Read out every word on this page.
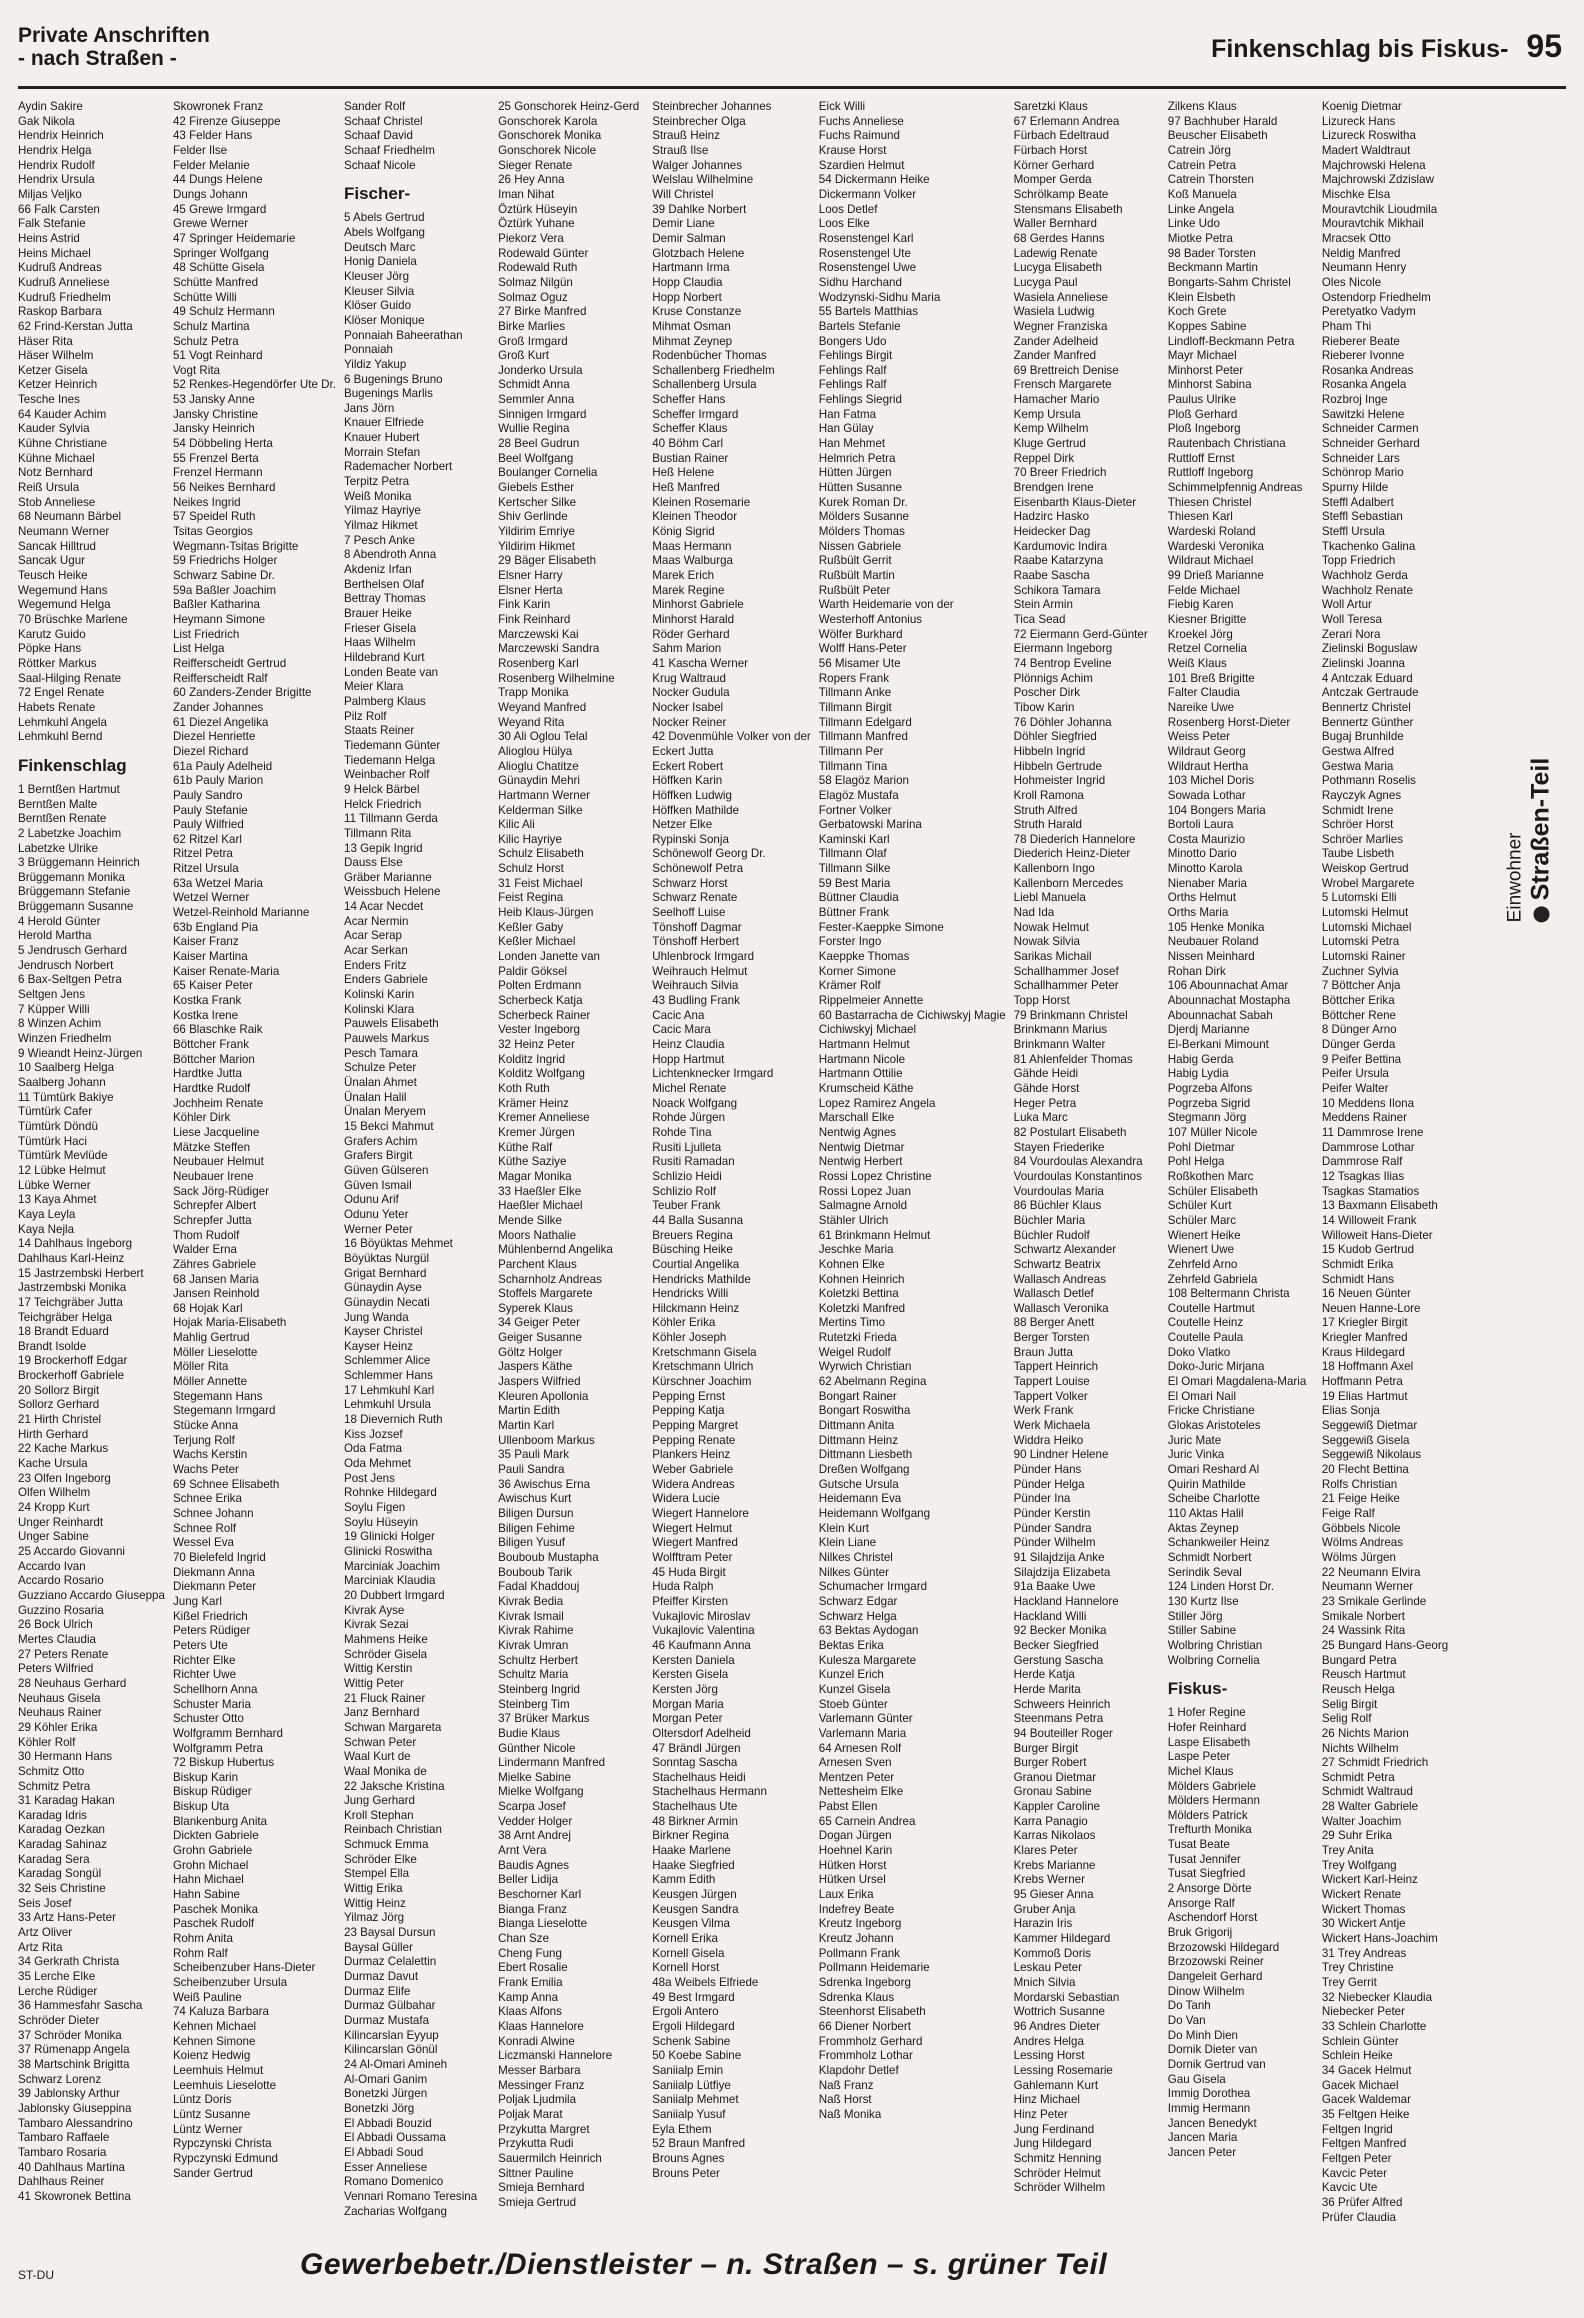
Private Anschriften
- nach Straßen -	Finkenschlag bis Fiskus- 95
Aydin Sakire
Gak Nikola
Hendrix Heinrich
Hendrix Helga
Hendrix Rudolf
Hendrix Ursula
Miljas Veljko
66 Falk Carsten
Falk Stefanie
Heins Astrid
Heins Michael
Kudruß Andreas
Kudruß Anneliese
Kudruß Friedhelm
Raskop Barbara
62 Frind-Kerstan Jutta
Häser Rita
Häser Wilhelm
Ketzer Gisela
Ketzer Heinrich
Tesche Ines
64 Kauder Achim
Kauder Sylvia
Kühne Christiane
Kühne Michael
Notz Bernhard
Reiß Ursula
Stob Anneliese
68 Neumann Bärbel
Neumann Werner
Sancak Hilltrud
Sancak Ugur
Teusch Heike
Wegemund Hans
Wegemund Helga
70 Brüschke Marlene
Karutz Guido
Pöpke Hans
Röttker Markus
Saal-Hilging Renate
72 Engel Renate
Habets Renate
Lehmkuhl Angela
Lehmkuhl Bernd
Finkenschlag
1 Berntßen Hartmut
Berntßen Malte
Berntßen Renate
2 Labetzke Joachim
Labetzke Ulrike
3 Brüggemann Heinrich
Brüggemann Monika
Brüggemann Stefanie
Brüggemann Susanne
4 Herold Günter
Herold Martha
5 Jendrusch Gerhard
Jendrusch Norbert
6 Bax-Seltgen Petra
Seltgen Jens
7 Küpper Willi
8 Winzen Achim
Winzen Friedhelm
9 Wieandt Heinz-Jürgen
10 Saalberg Helga
Saalberg Johann
11 Tümtürk Bakiye
Tümtürk Cafer
Tümtürk Döndü
Tümtürk Haci
Tümtürk Mevlüde
12 Lübke Helmut
Lübke Werner
13 Kaya Ahmet
Kaya Leyla
Kaya Nejla
14 Dahlhaus Ingeborg
Dahlhaus Karl-Heinz
15 Jastrzembski Herbert
Jastrzembski Monika
17 Teichgräber Jutta
Teichgräber Helga
18 Brandt Eduard
Brandt Isolde
19 Brockerhoff Edgar
Brockerhoff Gabriele
20 Sollorz Birgit
Sollorz Gerhard
21 Hirth Christel
Hirth Gerhard
22 Kache Markus
Kache Ursula
23 Olfen Ingeborg
Olfen Wilhelm
24 Kropp Kurt
Unger Reinhardt
Unger Sabine
25 Accardo Giovanni
Accardo Ivan
Accardo Rosario
Guzziano Accardo Giuseppa
Guzzino Rosaria
26 Bock Ulrich
Mertes Claudia
27 Peters Renate
Peters Wilfried
28 Neuhaus Gerhard
Neuhaus Gisela
Neuhaus Rainer
29 Köhler Erika
Köhler Rolf
30 Hermann Hans
Schmitz Otto
Schmitz Petra
31 Karadag Hakan
Karadag Idris
Karadag Oezkan
Karadag Sahinaz
Karadag Sera
Karadag Songül
32 Seis Christine
Seis Josef
33 Artz Hans-Peter
Artz Oliver
Artz Rita
34 Gerkrath Christa
35 Lerche Elke
Lerche Rüdiger
36 Hammesfahr Sascha
Schröder Dieter
37 Schröder Monika
37 Rümenapp Angela
38 Martschink Brigitta
Schwarz Lorenz
39 Jablonsky Arthur
Jablonsky Giuseppina
Tambaro Alessandrino
Tambaro Raffaele
Tambaro Rosaria
40 Dahlhaus Martina
Dahlhaus Reiner
41 Skowronek Bettina
Skowronek Franz
42 Firenze Giuseppe
43 Felder Hans
Felder Ilse
Felder Melanie
44 Dungs Helene
Dungs Johann
45 Grewe Irmgard
Grewe Werner
47 Springer Heidemarie
Springer Wolfgang
48 Schütte Gisela
Schütte Manfred
Schütte Willi
49 Schulz Hermann
Schulz Martina
Schulz Petra
51 Vogt Reinhard
Vogt Rita
52 Renkes-Hegendörfer Ute Dr.
53 Jansky Anne
Jansky Christine
Jansky Heinrich
54 Döbbeling Herta
55 Frenzel Berta
Frenzel Hermann
56 Neikes Bernhard
Neikes Ingrid
57 Speidel Ruth
Tsitas Georgios
Wegmann-Tsitas Brigitte
59 Friedrichs Holger
Schwarz Sabine Dr.
59a Baßler Joachim
Baßler Katharina
Heymann Simone
List Friedrich
List Helga
Reifferscheidt Gertrud
Reifferscheidt Ralf
60 Zanders-Zender Brigitte
Zander Johannes
61 Diezel Angelika
Diezel Henriette
Diezel Richard
61a Pauly Adelheid
61b Pauly Marion
Pauly Sandro
Pauly Stefanie
Pauly Wilfried
62 Ritzel Karl
Ritzel Petra
Ritzel Ursula
63a Wetzel Maria
Wetzel Werner
Wetzel-Reinhold Marianne
63b England Pia
Kaiser Franz
Kaiser Martina
Kaiser Renate-Maria
65 Kaiser Peter
Kostka Frank
Kostka Irene
66 Blaschke Raik
Böttcher Frank
Böttcher Marion
Hardtke Jutta
Hardtke Rudolf
Jochheim Renate
Köhler Dirk
Liese Jacqueline
Mätzke Steffen
Neubauer Helmut
Neubauer Irene
Sack Jörg-Rüdiger
Schrepfer Albert
Schrepfer Jutta
Thom Rudolf
Walder Erna
Zähres Gabriele
68 Jansen Maria
Jansen Reinhold
68 Hojak Karl
Hojak Maria-Elisabeth
Mahlig Gertrud
Möller Lieselotte
Möller Rita
Möller Annette
Stegemann Hans
Stegemann Irmgard
Stücke Anna
Terjung Rolf
Wachs Kerstin
Wachs Peter
69 Schnee Elisabeth
Schnee Erika
Schnee Johann
Schnee Rolf
Wessel Eva
70 Bielefeld Ingrid
Diekmann Anna
Diekmann Peter
Jung Karl
Kißel Friedrich
Peters Rüdiger
Peters Ute
Richter Elke
Richter Uwe
Schellhorn Anna
Schuster Maria
Schuster Otto
Wolfgramm Bernhard
Wolfgramm Petra
72 Biskup Hubertus
Biskup Karin
Biskup Rüdiger
Biskup Uta
Blankenburg Anita
Dickten Gabriele
Grohn Gabriele
Grohn Michael
Hahn Michael
Hahn Sabine
Paschek Monika
Paschek Rudolf
Rohm Anita
Rohm Ralf
Scheibenzuber Hans-Dieter
Scheibenzuber Ursula
Weiß Pauline
74 Kaluza Barbara
Kehnen Michael
Kehnen Simone
Koienz Hedwig
Leemhuis Helmut
Leemhuis Lieselotte
Lüntz Doris
Lüntz Susanne
Lüntz Werner
Rypczynski Christa
Rypczynski Edmund
Sander Gertrud
Sander Rolf
Schaaf Christel
Schaaf David
Schaaf Friedhelm
Schaaf Nicole
Fischer-
5 Abels Gertrud
Abels Wolfgang
Deutsch Marc
Honig Daniela
Kleuser Jörg
Kleuser Silvia
Klöser Guido
Klöser Monique
Ponnaiah Baheerathan
Ponnaiah
Yildiz Yakup
6 Bugenings Bruno
Bugenings Marlis
Jans Jörn
Knauer Elfriede
Knauer Hubert
Morrain Stefan
Rademacher Norbert
Terpitz Petra
Weiß Monika
Yilmaz Hayriye
Yilmaz Hikmet
7 Pesch Anke
8 Abendroth Anna
Akdeniz Irfan
Berthelsen Olaf
Bettray Thomas
Brauer Heike
Frieser Gisela
Haas Wilhelm
Hildebrand Kurt
Londen Beate van
Meier Klara
Palmberg Klaus
Pilz Rolf
Staats Reiner
Tiedemann Günter
Tiedemann Helga
Weinbacher Rolf
9 Helck Bärbel
Helck Friedrich
11 Tillmann Gerda
Tillmann Rita
13 Gepik Ingrid
Dauss Else
Gräber Marianne
Weissbuch Helene
14 Acar Necdet
Acar Nermin
Acar Serap
Acar Serkan
Enders Fritz
Enders Gabriele
Kolinski Karin
Kolinski Klara
Pauwels Elisabeth
Pauwels Markus
Pesch Tamara
Schulze Peter
Ünalan Ahmet
Ünalan Halil
Ünalan Meryem
15 Bekci Mahmut
Grafers Achim
Grafers Birgit
Güven Gülseren
Güven Ismail
Odunu Arif
Odunu Yeter
Werner Peter
16 Böyüktas Mehmet
Böyüktas Nurgül
Grigat Bernhard
Günaydin Ayse
Günaydin Necati
Jung Wanda
Kayser Christel
Kayser Heinz
Schlemmer Alice
Schlemmer Hans
17 Lehmkuhl Karl
Lehmkuhl Ursula
18 Dievernich Ruth
Kiss Jozsef
Oda Fatma
Oda Mehmet
Post Jens
Rohnke Hildegard
Soylu Figen
Soylu Hüseyin
19 Glinicki Holger
Glinicki Roswitha
Marciniak Joachim
Marciniak Klaudia
20 Dubbert Irmgard
Kivrak Ayse
Kivrak Sezai
Mahmens Heike
Schröder Gisela
Wittig Kerstin
Wittig Peter
21 Fluck Rainer
Janz Bernhard
Schwan Margareta
Schwan Peter
Waal Kurt de
Waal Monika de
22 Jaksche Kristina
Jung Gerhard
Kroll Stephan
Reinbach Christian
Schmuck Emma
Schröder Elke
Stempel Ella
Wittig Erika
Wittig Heinz
Yilmaz Jörg
23 Baysal Dursun
Baysal Güller
Durmaz Celalettin
Durmaz Davut
Durmaz Elife
Durmaz Gülbahar
Durmaz Mustafa
Kilincarslan Eyyup
Kilincarslan Gönül
24 Al-Omari Amineh
Al-Omari Ganim
Bonetzki Jürgen
Bonetzki Jörg
El Abbadi Bouzid
El Abbadi Oussama
El Abbadi Soud
Esser Anneliese
Romano Domenico
Vennari Romano Teresina
Zacharias Wolfgang
25 Gonschorek Heinz-Gerd
Gonschorek Karola
Gonschorek Monika
Gonschorek Nicole
Sieger Renate
26 Hey Anna
Iman Nihat
Öztürk Hüseyin
Öztürk Yuhane
Piekorz Vera
Rodewald Günter
Rodewald Ruth
Solmaz Nilgün
Solmaz Oguz
27 Birke Manfred
Birke Marlies
Groß Irmgard
Groß Kurt
Jonderko Ursula
Schmidt Anna
Semmler Anna
Sinnigen Irmgard
Wullie Regina
28 Beel Gudrun
Beel Wolfgang
Boulanger Cornelia
Giebels Esther
Kertscher Silke
Shiv Gerlinde
Yildirim Emriye
Yildirim Hikmet
29 Bäger Elisabeth
Elsner Harry
Elsner Herta
Fink Karin
Fink Reinhard
Marczewski Kai
Marczewski Sandra
Rosenberg Karl
Rosenberg Wilhelmine
Trapp Monika
Weyand Manfred
Weyand Rita
30 Ali Oglou Telal
Alioglou Hülya
Alioglu Chatitze
Günaydin Mehri
Hartmann Werner
Kelderman Silke
Kilic Ali
Kilic Hayriye
Schulz Elisabeth
Schulz Horst
31 Feist Michael
Feist Regina
Heib Klaus-Jürgen
Keßler Gaby
Keßler Michael
Londen Janette van
Paldir Göksel
Polten Erdmann
Scherbeck Katja
Scherbeck Rainer
Vester Ingeborg
32 Heinz Peter
Kolditz Ingrid
Kolditz Wolfgang
Koth Ruth
Krämer Heinz
Kremer Anneliese
Kremer Jürgen
Küthe Ralf
Küthe Saziye
Magar Monika
33 Haeßler Elke
Haeßler Michael
Mende Silke
Moors Nathalie
Mühlenbernd Angelika
Parchent Klaus
Scharnholz Andreas
Stoffels Margarete
Syperek Klaus
34 Geiger Peter
Geiger Susanne
Göltz Holger
Jaspers Käthe
Jaspers Wilfried
Kleuren Apollonia
Martin Edith
Martin Karl
Ullenboom Markus
35 Pauli Mark
Pauli Sandra
36 Awischus Erna
Awischus Kurt
Biligen Dursun
Biligen Fehime
Biligen Yusuf
Bouboub Mustapha
Bouboub Tarik
Fadal Khaddouj
Kivrak Bedia
Kivrak Ismail
Kivrak Rahime
Kivrak Umran
Schultz Herbert
Schultz Maria
Steinberg Ingrid
Steinberg Tim
37 Brüker Markus
Budie Klaus
Günther Nicole
Lindermann Manfred
Mielke Sabine
Mielke Wolfgang
Scarpa Josef
Vedder Holger
38 Arnt Andrej
Arnt Vera
Baudis Agnes
Beller Lidija
Beschorner Karl
Bianga Franz
Bianga Lieselotte
Chan Sze
Cheng Fung
Ebert Rosalie
Frank Emilia
Kamp Anna
Klaas Alfons
Klaas Hannelore
Konradi Alwine
Liczmanski Hannelore
Messer Barbara
Messinger Franz
Poljak Ljudmila
Poljak Marat
Przykutta Margret
Przykutta Rudi
Sauermilch Heinrich
Sittner Pauline
Smieja Bernhard
Smieja Gertrud
Steinbrecher Johannes
Steinbrecher Olga
Strauß Heinz
Strauß Ilse
Walger Johannes
Welslau Wilhelmine
Will Christel
39 Dahlke Norbert
Demir Liane
Demir Salman
Glotzbach Helene
Hartmann Irma
Hopp Claudia
Hopp Norbert
Kruse Constanze
Mihmat Osman
Mihmat Zeynep
Rodenbücher Thomas
Schallenberg Friedhelm
Schallenberg Ursula
Scheffer Hans
Scheffer Irmgard
Scheffer Klaus
40 Böhm Carl
Bustian Rainer
Heß Helene
Heß Manfred
Kleinen Rosemarie
Kleinen Theodor
König Sigrid
Maas Hermann
Maas Walburga
Marek Erich
Marek Regine
Minhorst Gabriele
Minhorst Harald
Röder Gerhard
Sahm Marion
41 Kascha Werner
Krug Waltraud
Nocker Gudula
Nocker Isabel
Nocker Reiner
42 Dovenmühle Volker von der
Eckert Jutta
Eckert Robert
Höffken Karin
Höffken Ludwig
Höffken Mathilde
Netzer Elke
Rypinski Sonja
Schönewolf Georg Dr.
Schönewolf Petra
Schwarz Horst
Schwarz Renate
Seelhoff Luise
Tönshoff Dagmar
Tönshoff Herbert
Uhlenbrock Irmgard
Weihrauch Helmut
Weihrauch Silvia
43 Budling Frank
Cacic Ana
Cacic Mara
Heinz Claudia
Hopp Hartmut
Lichtenknecker Irmgard
Michel Renate
Noack Wolfgang
Rohde Jürgen
Rohde Tina
Rusiti Ljulleta
Rusiti Ramadan
Schlizio Heidi
Schlizio Rolf
Teuber Frank
44 Balla Susanna
Breuers Regina
Büsching Heike
Courtial Angelika
Hendricks Mathilde
Hendricks Willi
Hilckmann Heinz
Köhler Erika
Köhler Joseph
Kretschmann Gisela
Kretschmann Ulrich
Kürschner Joachim
Pepping Ernst
Pepping Katja
Pepping Margret
Pepping Renate
Plankers Heinz
Weber Gabriele
Widera Andreas
Widera Lucie
Wiegert Hannelore
Wiegert Helmut
Wiegert Manfred
Wolfftram Peter
45 Huda Birgit
Huda Ralph
Pfeiffer Kirsten
Vukajlovic Miroslav
Vukajlovic Valentina
46 Kaufmann Anna
Kersten Daniela
Kersten Gisela
Kersten Jörg
Morgan Maria
Morgan Peter
Oltersdorf Adelheid
47 Brändl Jürgen
Sonntag Sascha
Stachelhaus Heidi
Stachelhaus Hermann
Stachelhaus Ute
48 Birkner Armin
Birkner Regina
Haake Marlene
Haake Siegfried
Kamm Edith
Keusgen Jürgen
Keusgen Sandra
Keusgen Vilma
Kornell Erika
Kornell Gisela
Kornell Horst
48a Weibels Elfriede
49 Best Irmgard
Ergoli Antero
Ergoli Hildegard
Schenk Sabine
50 Koebe Sabine
Saniialp Emin
Saniialp Lütfiye
Saniialp Mehmet
Saniialp Yusuf
Eyla Ethem
52 Braun Manfred
Brouns Agnes
Brouns Peter
Eick Willi
Fuchs Anneliese
Fuchs Raimund
Krause Horst
Szardien Helmut
54 Dickermann Heike
Dickermann Volker
Loos Detlef
Loos Elke
Rosenstengel Karl
Rosenstengel Ute
Rosenstengel Uwe
Sidhu Harchand
Wodzynski-Sidhu Maria
55 Bartels Matthias
Bartels Stefanie
Bongers Udo
Fehlings Birgit
Fehlings Ralf
Fehlings Ralf
Fehlings Siegrid
Han Fatma
Han Gülay
Han Mehmet
Helmrich Petra
Hütten Jürgen
Hütten Susanne
Kurek Roman Dr.
Mölders Susanne
Mölders Thomas
Nissen Gabriele
Rußbült Gerrit
Rußbült Martin
Rußbült Peter
Warth Heidemarie von der
Westerhoff Antonius
Wölfer Burkhard
Wolff Hans-Peter
56 Misamer Ute
Ropers Frank
Tillmann Anke
Tillmann Birgit
Tillmann Edelgard
Tillmann Manfred
Tillmann Per
Tillmann Tina
58 Elagöz Marion
Elagöz Mustafa
Fortner Volker
Gerbatowski Marina
Kaminski Karl
Tillmann Olaf
Tillmann Silke
59 Best Maria
Büttner Claudia
Büttner Frank
Fester-Kaeppke Simone
Forster Ingo
Kaeppke Thomas
Korner Simone
Krämer Rolf
Rippelmeier Annette
60 Bastarracha de Cichiwskyj Magie
Cichiwskyj Michael
Hartmann Helmut
Hartmann Nicole
Hartmann Ottilie
Krumscheid Käthe
Lopez Ramirez Angela
Marschall Elke
Nentwig Agnes
Nentwig Dietmar
Nentwig Herbert
Rossi Lopez Christine
Rossi Lopez Juan
Salmagne Arnold
Stähler Ulrich
61 Brinkmann Helmut
Jeschke Maria
Kohnen Elke
Kohnen Heinrich
Koletzki Bettina
Koletzki Manfred
Mertins Timo
Rutetzki Frieda
Weigel Rudolf
Wyrwich Christian
62 Abelmann Regina
Bongart Rainer
Bongart Roswitha
Dittmann Anita
Dittmann Heinz
Dittmann Liesbeth
Dreßen Wolfgang
Gutsche Ursula
Heidemann Eva
Heidemann Wolfgang
Klein Kurt
Klein Liane
Nilkes Christel
Nilkes Günter
Schumacher Irmgard
Schwarz Edgar
Schwarz Helga
63 Bektas Aydogan
Bektas Erika
Kulesza Margarete
Kunzel Erich
Kunzel Gisela
Stoeb Günter
Varlemann Günter
Varlemann Maria
64 Arnesen Rolf
Arnesen Sven
Mentzen Peter
Nettesheim Elke
Pabst Ellen
65 Carnein Andrea
Dogan Jürgen
Hoehnel Karin
Hütken Horst
Hütken Ursel
Laux Erika
Indefrey Beate
Kreutz Ingeborg
Kreutz Johann
Pollmann Frank
Pollmann Heidemarie
Sdrenka Ingeborg
Sdrenka Klaus
Steenhorst Elisabeth
66 Diener Norbert
Frommholz Gerhard
Frommholz Lothar
Klapdohr Detlef
Naß Franz
Naß Horst
Naß Monika
Saretzki Klaus
67 Erlemann Andrea
Fürbach Edeltraud
Fürbach Horst
Körner Gerhard
Momper Gerda
Schrölkamp Beate
Stensmans Elisabeth
Waller Bernhard
68 Gerdes Hanns
Ladewig Renate
Lucyga Elisabeth
Lucyga Paul
Wasiela Anneliese
Wasiela Ludwig
Wegner Franziska
Zander Adelheid
Zander Manfred
69 Brettreich Denise
Frensch Margarete
Hamacher Mario
Kemp Ursula
Kemp Wilhelm
Kluge Gertrud
Reppel Dirk
70 Breer Friedrich
Brendgen Irene
Eisenbarth Klaus-Dieter
Hadzirc Hasko
Heidecker Dag
Kardumovic Indira
Raabe Katarzyna
Raabe Sascha
Schikora Tamara
Stein Armin
Tica Sead
72 Eiermann Gerd-Günter
Eiermann Ingeborg
74 Bentrop Eveline
Plönnigs Achim
Poscher Dirk
Tibow Karin
76 Döhler Johanna
Döhler Siegfried
Hibbeln Ingrid
Hibbeln Gertrude
Hohmeister Ingrid
Kroll Ramona
Struth Alfred
Struth Harald
78 Diederich Hannelore
Diederich Heinz-Dieter
Kallenborn Ingo
Kallenborn Mercedes
Liebl Manuela
Nad Ida
Nowak Helmut
Nowak Silvia
Sarikas Michail
Schallhammer Josef
Schallhammer Peter
Topp Horst
79 Brinkmann Christel
Brinkmann Marius
Brinkmann Walter
81 Ahlenfelder Thomas
Gähde Heidi
Gähde Horst
Heger Petra
Luka Marc
82 Postulart Elisabeth
Stayen Friederike
84 Vourdoulas Alexandra
Vourdoulas Konstantinos
Vourdoulas Maria
86 Büchler Klaus
Büchler Maria
Büchler Rudolf
Schwartz Alexander
Schwartz Beatrix
Wallasch Andreas
Wallasch Detlef
Wallasch Veronika
88 Berger Anett
Berger Torsten
Braun Jutta
Tappert Heinrich
Tappert Louise
Tappert Volker
Werk Frank
Werk Michaela
Widdra Heiko
90 Lindner Helene
Pünder Hans
Pünder Helga
Pünder Ina
Pünder Kerstin
Pünder Sandra
Pünder Wilhelm
91 Silajdzija Anke
Silajdzija Elizabeta
91a Baake Uwe
Hackland Hannelore
Hackland Willi
92 Becker Monika
Becker Siegfried
Gerstung Sascha
Herde Katja
Herde Marita
Schweers Heinrich
Steenmans Petra
94 Bouteiller Roger
Burger Birgit
Burger Robert
Granou Dietmar
Gronau Sabine
Kappler Caroline
Karra Panagio
Karras Nikolaos
Klares Peter
Krebs Marianne
Krebs Werner
95 Gieser Anna
Gruber Anja
Harazin Iris
Kammer Hildegard
Kommoß Doris
Leskau Peter
Mnich Silvia
Mordarski Sebastian
Wottrich Susanne
96 Andres Dieter
Andres Helga
Lessing Horst
Lessing Rosemarie
Gahlemann Kurt
Hinz Michael
Hinz Peter
Jung Ferdinand
Jung Hildegard
Schmitz Henning
Schröder Helmut
Schröder Wilhelm
Zilkens Klaus
97 Bachhuber Harald
Beuscher Elisabeth
Catrein Jörg
Catrein Petra
Catrein Thorsten
Koß Manuela
Linke Angela
Linke Udo
Miotke Petra
98 Bader Torsten
Beckmann Martin
Bongarts-Sahm Christel
Klein Elsbeth
Koch Grete
Koppes Sabine
Lindloff-Beckmann Petra
Mayr Michael
Minhorst Peter
Minhorst Sabina
Paulus Ulrike
Ploß Gerhard
Ploß Ingeborg
Rautenbach Christiana
Ruttloff Ernst
Ruttloff Ingeborg
Schimmelpfennig Andreas
Thiesen Christel
Thiesen Karl
Wardeski Roland
Wardeski Veronika
Wildraut Michael
99 Drieß Marianne
Felde Michael
Fiebig Karen
Kiesner Brigitte
Kroekel Jörg
Retzel Cornelia
Weiß Klaus
101 Breß Brigitte
Falter Claudia
Nareike Uwe
Rosenberg Horst-Dieter
Weiss Peter
Wildraut Georg
Wildraut Hertha
103 Michel Doris
Sowada Lothar
104 Bongers Maria
Bortoli Laura
Costa Maurizio
Minotto Dario
Minotto Karola
Nienaber Maria
Orths Helmut
Orths Maria
105 Henke Monika
Neubauer Roland
Nissen Meinhard
Rohan Dirk
106 Abounnachat Amar
Abounnachat Mostapha
Abounnachat Sabah
Djerdj Marianne
El-Berkani Mimount
Habig Gerda
Habig Lydia
Pogrzeba Alfons
Pogrzeba Sigrid
Stegmann Jörg
107 Müller Nicole
Pohl Dietmar
Pohl Helga
Roßkothen Marc
Schüler Elisabeth
Schüler Kurt
Schüler Marc
Wienert Heike
Wienert Uwe
Zehrfeld Arno
Zehrfeld Gabriela
108 Beltermann Christa
Coutelle Hartmut
Coutelle Heinz
Coutelle Paula
Doko Vlatko
Doko-Juric Mirjana
El Omari Magdalena-Maria
El Omari Nail
Fricke Christiane
Glokas Aristoteles
Juric Mate
Juric Vinka
Omari Reshard Al
Quirin Mathilde
Scheibe Charlotte
110 Aktas Halil
Aktas Zeynep
Schankweiler Heinz
Schmidt Norbert
Serindik Seval
124 Linden Horst Dr.
130 Kurtz Ilse
Stiller Jörg
Stiller Sabine
Wolbring Christian
Wolbring Cornelia
Fiskus-
1 Hofer Regine
Hofer Reinhard
Laspe Elisabeth
Laspe Peter
Michel Klaus
Mölders Gabriele
Mölders Hermann
Mölders Patrick
Trefturth Monika
Tusat Beate
Tusat Jennifer
Tusat Siegfried
2 Ansorge Dörte
Ansorge Ralf
Aschendorf Horst
Bruk Grigorij
Brzozowski Hildegard
Brzozowski Reiner
Dangeleit Gerhard
Dinow Wilhelm
Do Tanh
Do Van
Do Minh Dien
Dornik Dieter van
Dornik Gertrud van
Gau Gisela
Immig Dorothea
Immig Hermann
Jancen Benedykt
Jancen Maria
Jancen Peter
Koenig Dietmar
Lizureck Hans
Lizureck Roswitha
Madert Waldtraut
Majchrowski Helena
Majchrowski Zdzislaw
Mischke Elsa
Mouravtchik Lioudmila
Mouravtchik Mikhail
Mracsek Otto
Neldig Manfred
Neumann Henry
Oles Nicole
Ostendorp Friedhelm
Peretyatko Vadym
Pham Thi
Rieberer Beate
Rieberer Ivonne
Rosanka Andreas
Rosanka Angela
Rozbroj Inge
Sawitzki Helene
Schneider Carmen
Schneider Gerhard
Schneider Lars
Schönrop Mario
Spurny Hilde
Steffl Adalbert
Steffl Sebastian
Steffl Ursula
Tkachenko Galina
Topp Friedrich
Wachholz Gerda
Wachholz Renate
Woll Artur
Woll Teresa
Zerari Nora
Zielinski Boguslaw
Zielinski Joanna
4 Antczak Eduard
Antczak Gertraude
Bennertz Christel
Bennertz Günther
Bugaj Brunhilde
Gestwa Alfred
Gestwa Maria
Pothmann Roselis
Rayczyk Agnes
Schmidt Irene
Schröer Horst
Schröer Marlies
Taube Lisbeth
Weiskop Gertrud
Wrobel Margarete
5 Lutomski Elli
Lutomski Helmut
Lutomski Michael
Lutomski Petra
Lutomski Rainer
Zuchner Sylvia
7 Böttcher Anja
Böttcher Erika
Böttcher Rene
8 Dünger Arno
Dünger Gerda
9 Peifer Bettina
Peifer Ursula
Peifer Walter
10 Meddens Ilona
Meddens Rainer
11 Dammrose Irene
Dammrose Lothar
Dammrose Ralf
12 Tsagkas Ilias
Tsagkas Stamatios
13 Baxmann Elisabeth
14 Willoweit Frank
Willoweit Hans-Dieter
15 Kudob Gertrud
Schmidt Erika
Schmidt Hans
16 Neuen Günter
Neuen Hanne-Lore
17 Kriegler Birgit
Kriegler Manfred
Kraus Hildegard
18 Hoffmann Axel
Hoffmann Petra
19 Elias Hartmut
Elias Sonja
Seggewiß Dietmar
Seggewiß Gisela
Seggewiß Nikolaus
20 Flecht Bettina
Rolfs Christian
21 Feige Heike
Feige Ralf
Göbbels Nicole
Wölms Andreas
Wölms Jürgen
22 Neumann Elvira
Neumann Werner
23 Smikale Gerlinde
Smikale Norbert
24 Wassink Rita
25 Bungard Hans-Georg
Bungard Petra
Reusch Hartmut
Reusch Helga
Selig Birgit
Selig Rolf
26 Nichts Marion
Nichts Wilhelm
27 Schmidt Friedrich
Schmidt Petra
Schmidt Waltraud
28 Walter Gabriele
Walter Joachim
29 Suhr Erika
Trey Anita
Trey Wolfgang
Wickert Karl-Heinz
Wickert Renate
Wickert Thomas
30 Wickert Antje
Wickert Hans-Joachim
31 Trey Andreas
Trey Christine
Trey Gerrit
32 Niebecker Klaudia
Niebecker Peter
33 Schlein Charlotte
Schlein Günter
Schlein Heike
34 Gacek Helmut
Gacek Michael
Gacek Waldemar
35 Feltgen Heike
Feltgen Ingrid
Feltgen Manfred
Feltgen Peter
Kavcic Peter
Kavcic Ute
36 Prüfer Alfred
Prüfer Claudia
Einwohner Straßen-Teil
ST-DU	Gewerbebetr./Dienstleister – n. Straßen – s. grüner Teil
